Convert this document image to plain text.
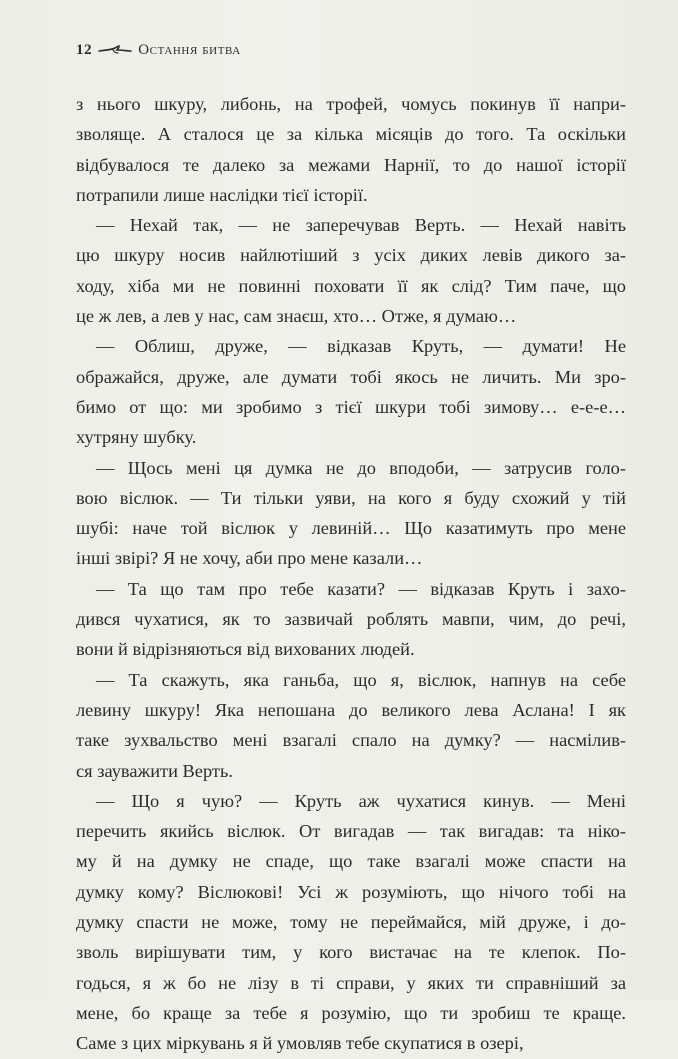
12	Остання битва

з нього шкуру, либонь, на трофей, чомусь покинув її напри-
зволяще. А сталося це за кілька місяців до того. Та оскільки
відбувалося те далеко за межами Нарнії, то до нашої історії
потрапили лише наслідки тієї історії.

— Нехай так, — не заперечував Верть. — Нехай навіть
цю шкуру носив найлютіший з усіх диких левів дикого за-
ходу, хіба ми не повинні поховати її як слід? Тим паче, що
це ж лев, а лев у нас, сам знаєш, хто… Отже, я думаю…

— Облиш, друже, — відказав Круть, — думати! Не
ображайся, друже, але думати тобі якось не личить. Ми зро-
бимо от що: ми зробимо з тієї шкури тобі зимову… е-е-е…
хутряну шубку.

— Щось мені ця думка не до вподоби, — затрусив голо-
вою віслюк. — Ти тільки уяви, на кого я буду схожий у тій
шубі: наче той віслюк у левиній… Що казатимуть про мене
інші звірі? Я не хочу, аби про мене казали…

— Та що там про тебе казати? — відказав Круть і захо-
дився чухатися, як то зазвичай роблять мавпи, чим, до речі,
вони й відрізняються від вихованих людей.

— Та скажуть, яка ганьба, що я, віслюк, напнув на себе
левину шкуру! Яка непошана до великого лева Аслана! І як
таке зухвальство мені взагалі спало на думку? — насмілив-
ся зауважити Верть.

— Що я чую? — Круть аж чухатися кинув. — Мені
перечить якийсь віслюк. От вигадав — так вигадав: та ніко-
му й на думку не спаде, що таке взагалі може спасти на
думку кому? Віслюкові! Усі ж розуміють, що нічого тобі на
думку спасти не може, тому не переймайся, мій друже, і до-
зволь вирішувати тим, у кого вистачає на те клепок. По-
годься, я ж бо не лізу в ті справи, у яких ти справніший за
мене, бо краще за тебе я розумію, що ти зробиш те краще.
Саме з цих міркувань я й умовляв тебе скупатися в озері,
